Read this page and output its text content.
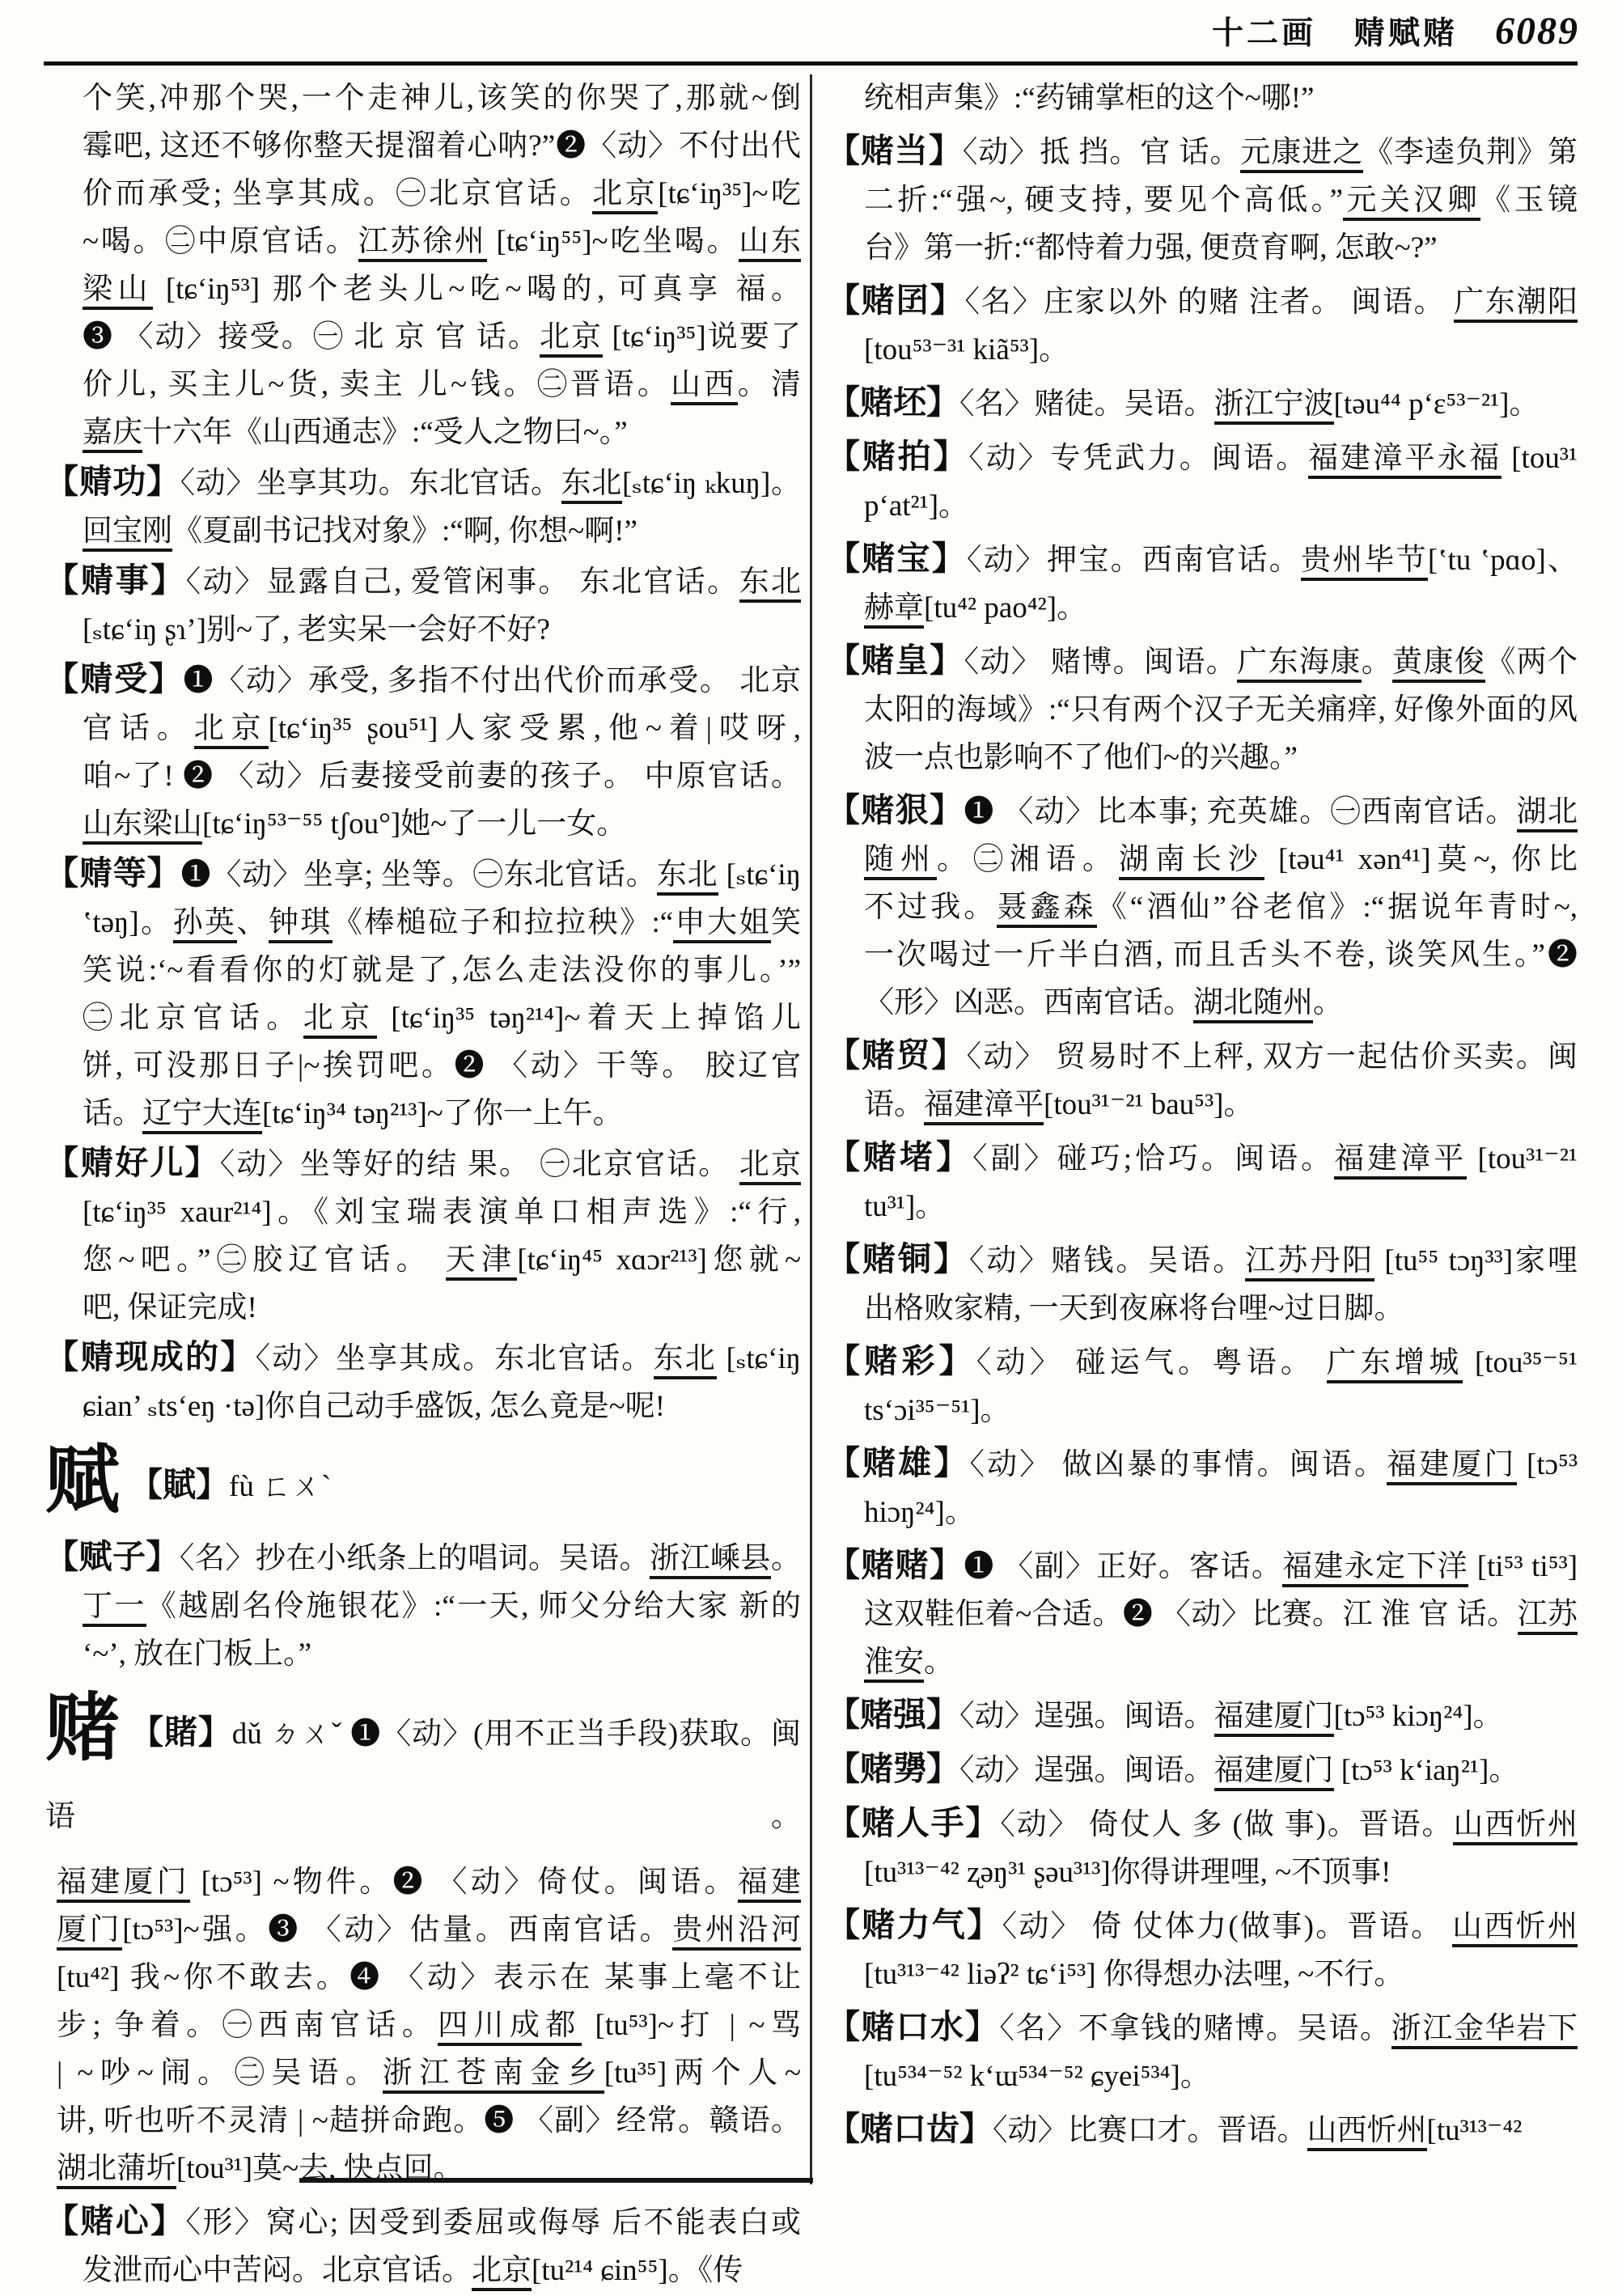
十二画 䞍赋赌 6089
个笑,冲那个哭,一个走神儿,该笑的你哭了,那就~倒
霉吧, 这还不够你整天提溜着心呐?”❷〈动〉不付出代
价而承受; 坐享其成。㊀北京官话。北京[tɕ‘iŋ³⁵]~吃
~喝。㊁中原官话。江苏徐州 [tɕ‘iŋ⁵⁵]~吃坐喝。山东
梁山 [tɕ‘iŋ⁵³] 那个老头儿~吃~喝的, 可真享 福。
❸ 〈动〉接受。㊀ 北 京 官 话。北京 [tɕ‘iŋ³⁵]说要了
价儿, 买主儿~货, 卖主 儿~钱。㊁晋语。山西。清
嘉庆十六年《山西通志》:“受人之物曰~。”
【䞍功】〈动〉坐享其功。东北官话。东北[ₛtɕ‘iŋ ₖkuŋ]。
回宝刚《夏副书记找对象》:“啊, 你想~啊!”
【䞍事】〈动〉显露自己, 爱管闲事。 东北官话。东北
[ₛtɕ‘iŋ ʂɿ’]别~了, 老实呆一会好不好?
【䞍受】❶〈动〉承受, 多指不付出代价而承受。 北京
官话。北京[tɕ‘iŋ³⁵ ʂou⁵¹]人家受累,他~着|哎呀,
咱~了! ❷ 〈动〉后妻接受前妻的孩子。 中原官话。
山东梁山[tɕ‘iŋ⁵³⁻⁵⁵ tʃou°]她~了一儿一女。
【䞍等】❶〈动〉坐享; 坐等。㊀东北官话。东北 [ₛtɕ‘iŋ
ʽtəŋ]。孙英、钟琪《棒槌砬子和拉拉秧》:“申大姐笑
笑说:‘~看看你的灯就是了,怎么走法没你的事儿。’”
㊁北京官话。北京 [tɕ‘iŋ³⁵ təŋ²¹⁴]~着天上掉馅儿
饼, 可没那日子|~挨罚吧。❷ 〈动〉干等。 胶辽官
话。辽宁大连[tɕ‘iŋ³⁴ təŋ²¹³]~了你一上午。
【䞍好儿】〈动〉坐等好的结 果。 ㊀北京官话。 北京
[tɕ‘iŋ³⁵ xaur²¹⁴]。《刘宝瑞表演单口相声选》:“行,
您~吧。”㊁胶辽官话。 天津[tɕ‘iŋ⁴⁵ xɑɔr²¹³]您就~
吧, 保证完成!
【䞍现成的】〈动〉坐享其成。东北官话。东北 [ₛtɕ‘iŋ
ɕian’ ₛts‘eŋ ·tə]你自己动手盛饭, 怎么竟是~呢!
赋 【賦】fù ㄈㄨˋ
【赋子】〈名〉抄在小纸条上的唱词。吴语。浙江嵊县。
丁一《越剧名伶施银花》:“一天, 师父分给大家 新的
‘~’, 放在门板上。”
赌 【賭】dǔ ㄉㄨˇ ❶〈动〉(用不正当手段)获取。闽语。
福建厦门 [tɔ⁵³] ~物件。❷ 〈动〉倚仗。闽语。福建
厦门[tɔ⁵³]~强。❸ 〈动〉估量。西南官话。贵州沿河
[tu⁴²] 我~你不敢去。❹ 〈动〉表示在 某事上毫不让
步; 争着。㊀西南官话。四川成都 [tu⁵³]~打 | ~骂
| ~吵~闹。㊁吴语。浙江苍南金乡[tu³⁵]两个人~
讲, 听也听不灵清 | ~趌拼命跑。❺ 〈副〉经常。赣语。
湖北蒲圻[tou³¹]莫~去, 快点回。
【赌心】〈形〉窝心; 因受到委屈或侮辱 后不能表白或
发泄而心中苦闷。北京官话。北京[tu²¹⁴ ɕin⁵⁵]。《传
统相声集》:“药铺掌柜的这个~哪!”
【赌当】〈动〉抵 挡。官 话。元康进之《李逵负荆》第
二折:“强~, 硬支持, 要见个高低。”元关汉卿《玉镜
台》第一折:“都恃着力强, 便贲育啊, 怎敢~?”
【赌囝】〈名〉庄家以外 的赌 注者。 闽语。 广东潮阳
[tou⁵³⁻³¹ kiã⁵³]。
【赌坯】〈名〉赌徒。吴语。浙江宁波[təu⁴⁴ p‘ɛ⁵³⁻²¹]。
【赌拍】〈动〉专凭武力。闽语。福建漳平永福 [tou³¹
p‘at²¹]。
【赌宝】〈动〉押宝。西南官话。贵州毕节[ʽtu ʽpɑo]、
赫章[tu⁴² pao⁴²]。
【赌皇】〈动〉 赌博。闽语。广东海康。黄康俊《两个
太阳的海域》:“只有两个汉子无关痛痒, 好像外面的风
波一点也影响不了他们~的兴趣。”
【赌狠】❶ 〈动〉比本事; 充英雄。㊀西南官话。湖北
随州。㊁湘语。湖南长沙 [təu⁴¹ xən⁴¹]莫~, 你比
不过我。聂鑫森《“酒仙”谷老倌》:“据说年青时~,
一次喝过一斤半白酒, 而且舌头不卷, 谈笑风生。”❷
〈形〉凶恶。西南官话。湖北随州。
【赌贸】〈动〉 贸易时不上秤, 双方一起估价买卖。闽
语。福建漳平[tou³¹⁻²¹ bau⁵³]。
【赌堵】〈副〉碰巧;恰巧。闽语。福建漳平 [tou³¹⁻²¹
tu³¹]。
【赌铜】〈动〉赌钱。吴语。江苏丹阳 [tu⁵⁵ tɔŋ³³]家哩
出格败家精, 一天到夜麻将台哩~过日脚。
【赌彩】〈动〉 碰运气。粤语。 广东增城 [tou³⁵⁻⁵¹
ts‘ɔi³⁵⁻⁵¹]。
【赌雄】〈动〉 做凶暴的事情。闽语。福建厦门 [tɔ⁵³
hiɔŋ²⁴]。
【赌赌】❶ 〈副〉正好。客话。福建永定下洋 [ti⁵³ ti⁵³]
这双鞋佢着~合适。❷ 〈动〉比赛。江 淮 官 话。江苏
淮安。
【赌强】〈动〉逞强。闽语。福建厦门[tɔ⁵³ kiɔŋ²⁴]。
【赌勥】〈动〉逞强。闽语。福建厦门 [tɔ⁵³ k‘iaŋ²¹]。
【赌人手】〈动〉 倚仗人 多 (做 事)。晋语。山西忻州
[tu³¹³⁻⁴² ʐəŋ³¹ ʂəu³¹³]你得讲理哩, ~不顶事!
【赌力气】〈动〉 倚 仗体力(做事)。晋语。 山西忻州
[tu³¹³⁻⁴² liəʔ² tɕ‘i⁵³] 你得想办法哩, ~不行。
【赌口水】〈名〉不拿钱的赌博。吴语。浙江金华岩下
[tu⁵³⁴⁻⁵² k‘ɯ⁵³⁴⁻⁵² ɕyei⁵³⁴]。
【赌口齿】〈动〉比赛口才。晋语。山西忻州[tu³¹³⁻⁴²
